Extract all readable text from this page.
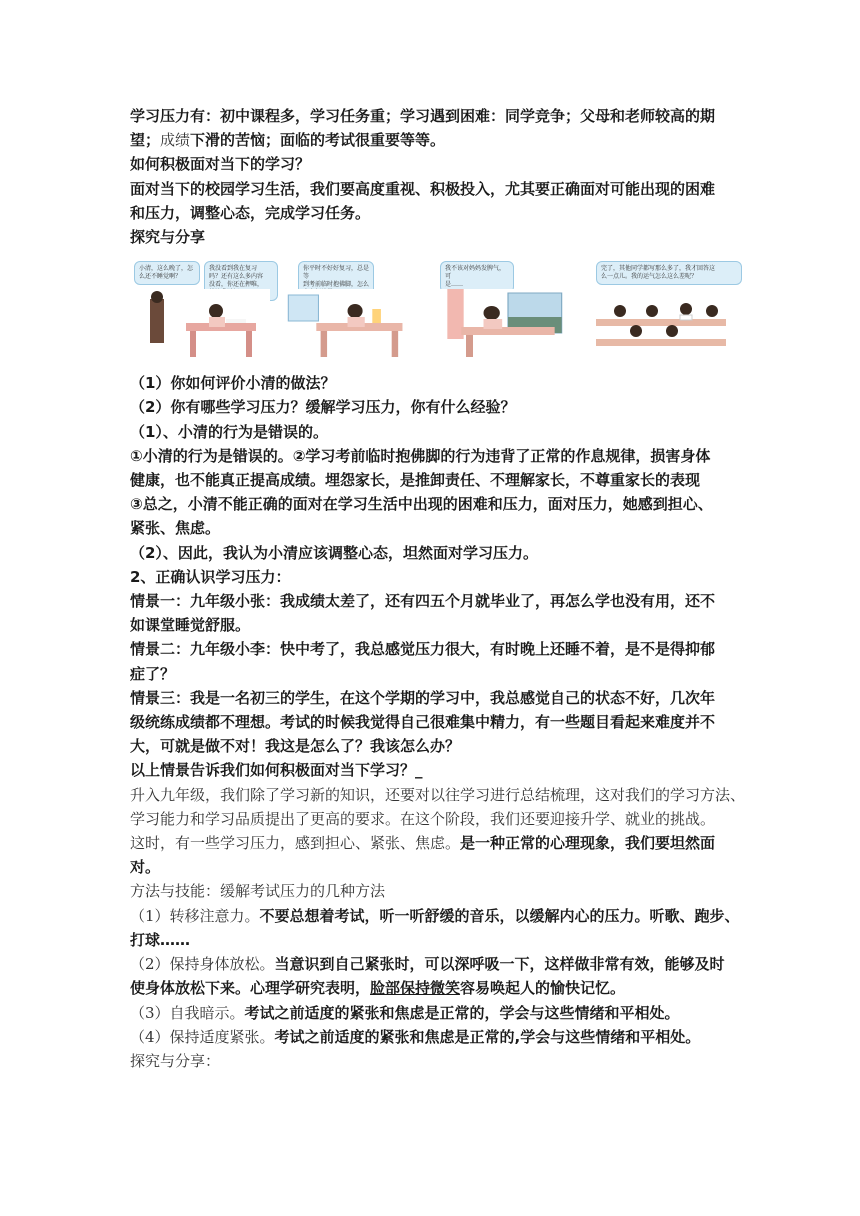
学习压力有：初中课程多，学习任务重；学习遇到困难：同学竞争；父母和老师较高的期

望；成绩下滑的苦恼；面临的考试很重要等等。

如何积极面对当下的学习？

面对当下的校园学习生活，我们要高度重视、积极投入，尤其要正确面对可能出现的困难

和压力，调整心态，完成学习任务。

探究与分享

小清，这么晚了，怎
么还不睡觉啊？
我没看到我在复习
吗？还有这么多内容
没看，你还在押唯，
你平时不好好复习，总是等
到考前临时抱佛脚，怎么
我不该对妈妈发脾气，可
是……
完了，其他同学都写那么多了，我才回答这
么一点儿。我的运气怎么这么差呢？

（1）你如何评价小清的做法？

（2）你有哪些学习压力？缓解学习压力，你有什么经验？

（1）、小清的行为是错误的。

①小清的行为是错误的。②学习考前临时抱佛脚的行为违背了正常的作息规律，损害身体

健康，也不能真正提高成绩。埋怨家长，是推卸责任、不理解家长，不尊重家长的表现

③总之，小清不能正确的面对在学习生活中出现的困难和压力，面对压力，她感到担心、

紧张、焦虑。

（2）、因此，我认为小清应该调整心态，坦然面对学习压力。

2、正确认识学习压力：

情景一：九年级小张：我成绩太差了，还有四五个月就毕业了，再怎么学也没有用，还不

如课堂睡觉舒服。

情景二：九年级小李：快中考了，我总感觉压力很大，有时晚上还睡不着，是不是得抑郁

症了？

情景三：我是一名初三的学生，在这个学期的学习中，我总感觉自己的状态不好，几次年

级统练成绩都不理想。考试的时候我觉得自己很难集中精力，有一些题目看起来难度并不

大，可就是做不对！我这是怎么了？我该怎么办？

以上情景告诉我们如何积极面对当下学习？_

升入九年级，我们除了学习新的知识，还要对以往学习进行总结梳理，这对我们的学习方法、

学习能力和学习品质提出了更高的要求。在这个阶段，我们还要迎接升学、就业的挑战。

这时，有一些学习压力，感到担心、紧张、焦虑。是一种正常的心理现象，我们要坦然面

对。

方法与技能：缓解考试压力的几种方法

（1）转移注意力。不要总想着考试，听一听舒缓的音乐，以缓解内心的压力。听歌、跑步、

打球……

（2）保持身体放松。当意识到自己紧张时，可以深呼吸一下，这样做非常有效，能够及时

使身体放松下来。心理学研究表明，脸部保持微笑容易唤起人的愉快记忆。

（3）自我暗示。考试之前适度的紧张和焦虑是正常的，学会与这些情绪和平相处。

（4）保持适度紧张。考试之前适度的紧张和焦虑是正常的,学会与这些情绪和平相处。

探究与分享：
